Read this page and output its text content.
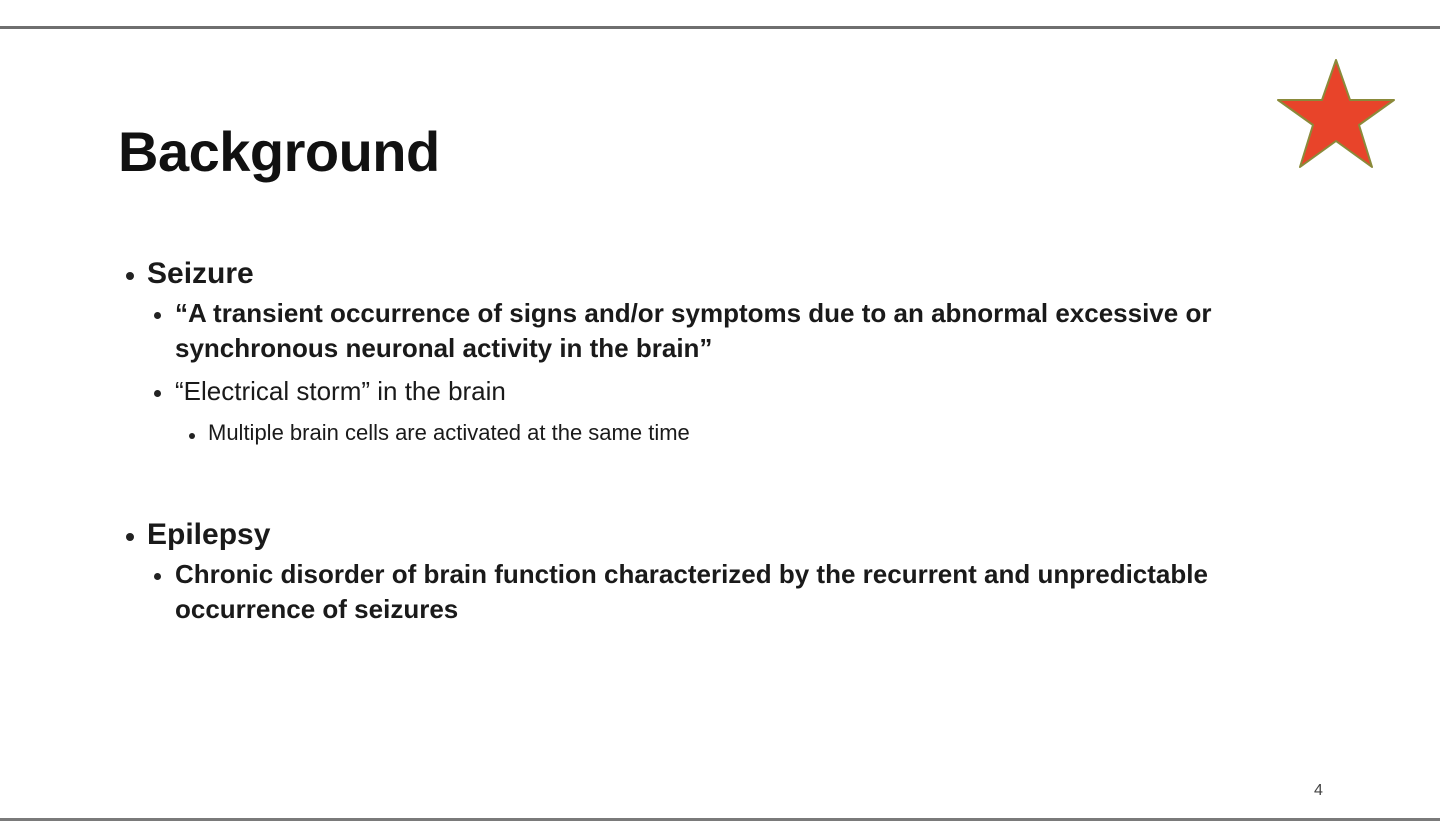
Background
Seizure
“A transient occurrence of signs and/or symptoms due to an abnormal excessive or
synchronous neuronal activity in the brain”
“Electrical storm” in the brain
Multiple brain cells are activated at the same time
Epilepsy
Chronic disorder of brain function characterized by the recurrent and unpredictable
occurrence of seizures
4
